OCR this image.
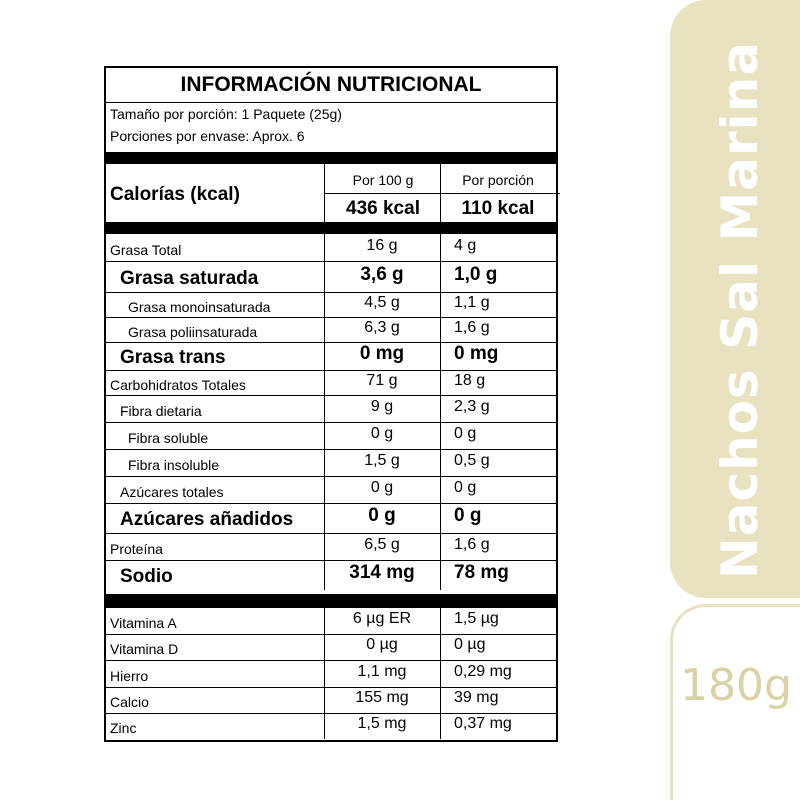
Nachos Sal Marina
180g
INFORMACIÓN NUTRICIONAL
Tamaño por porción: 1 Paquete (25g)
Porciones por envase: Aprox. 6
Calorías (kcal)
Por 100 g	Por porción
436 kcal	110 kcal
Grasa Total	16 g	4 g
Grasa saturada	3,6 g	1,0 g
Grasa monoinsaturada	4,5 g	1,1 g
Grasa poliinsaturada	6,3 g	1,6 g
Grasa trans	0 mg	0 mg
Carbohidratos Totales	71 g	18 g
Fibra dietaria	9 g	2,3 g
Fibra soluble	0 g	0 g
Fibra insoluble	1,5 g	0,5 g
Azúcares totales	0 g	0 g
Azúcares añadidos	0 g	0 g
Proteína	6,5 g	1,6 g
Sodio	314 mg	78 mg
Vitamina A	6 µg ER	1,5 µg
Vitamina D	0 µg	0 µg
Hierro	1,1 mg	0,29 mg
Calcio	155 mg	39 mg
Zinc	1,5 mg	0,37 mg
